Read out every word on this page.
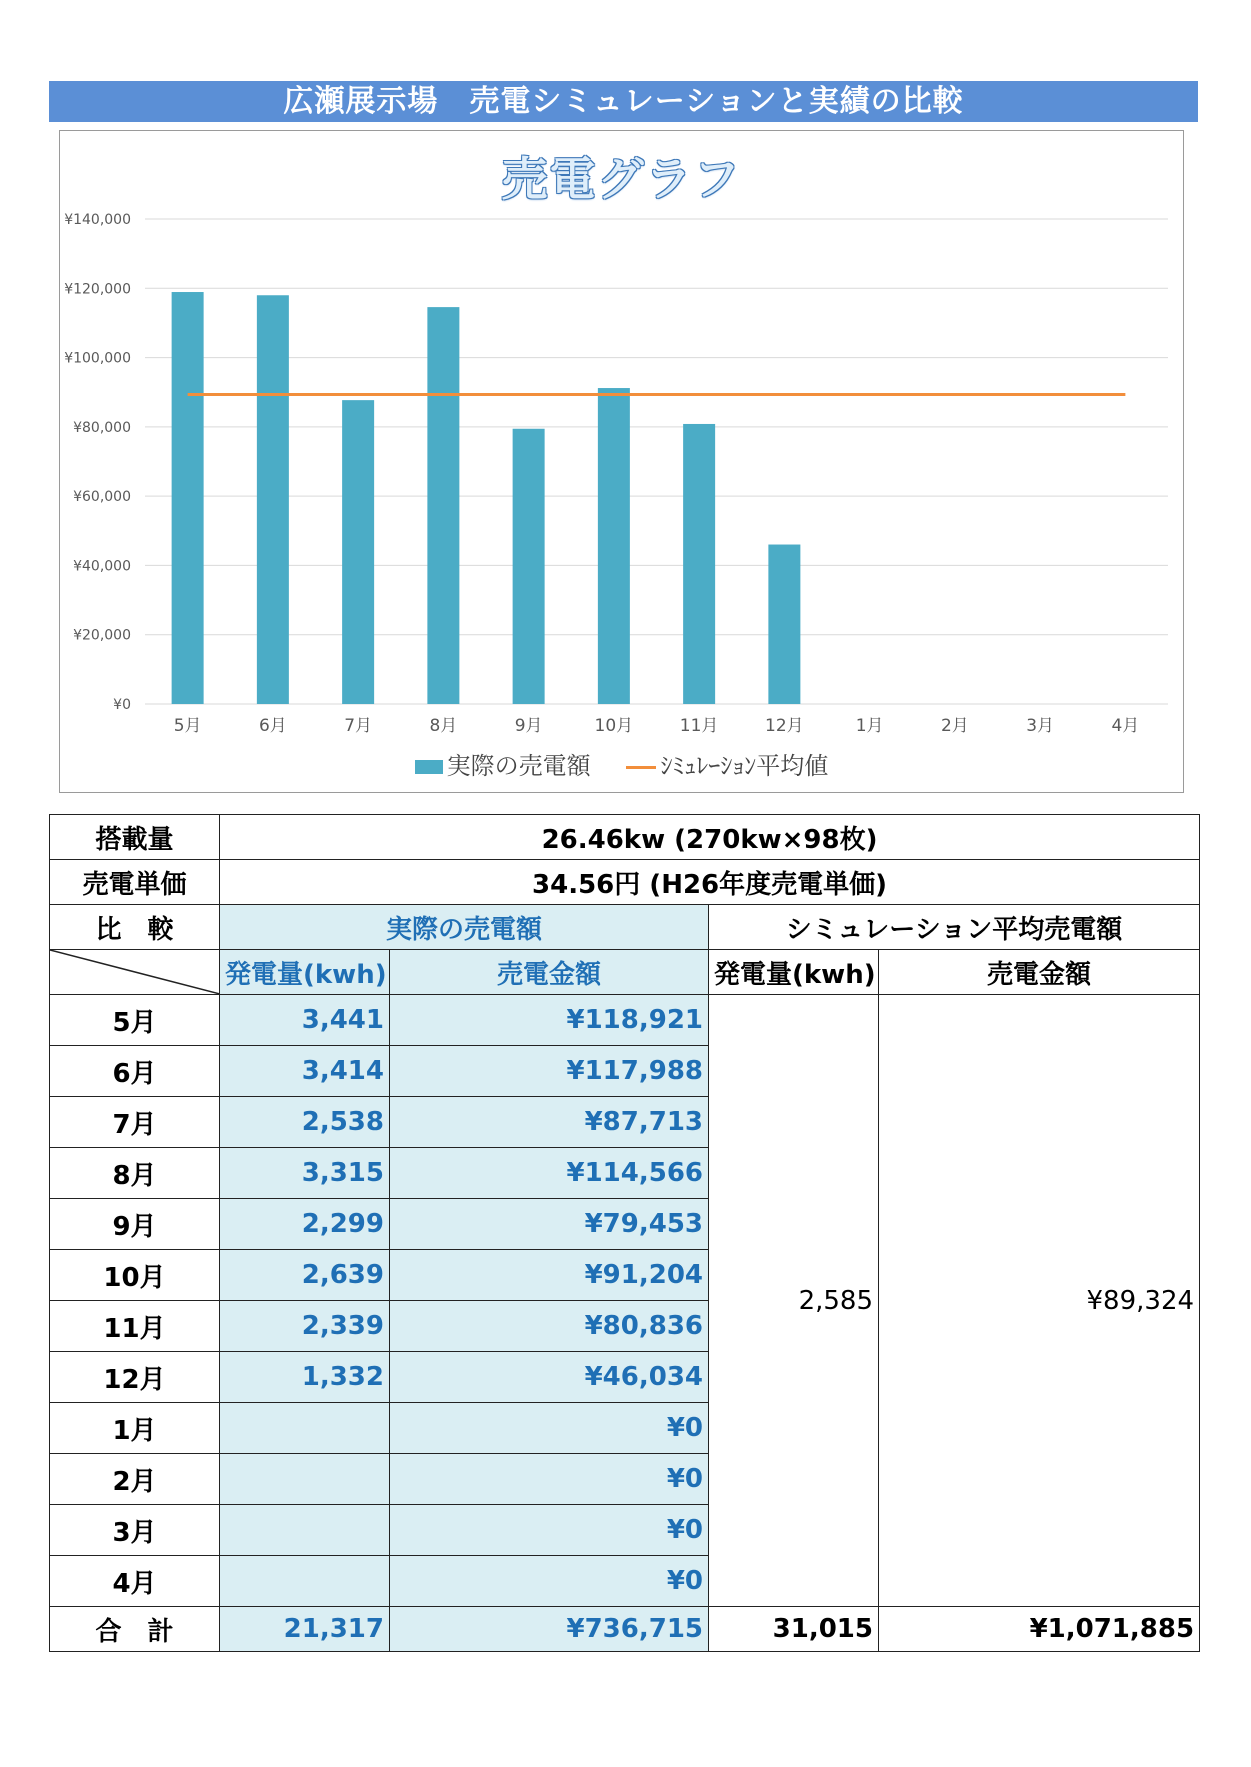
広瀬展示場　売電シミュレーションと実績の比較
売電グラフ
¥140,000
¥120,000
¥100,000
¥80,000
¥60,000
¥40,000
¥20,000
¥0
5月	6月	7月	8月	9月	10月	11月	12月	1月	2月	3月	4月
実際の売電額	ｼﾐｭﾚｰｼｮﾝ平均値
搭載量	26.46kw (270kw×98枚)			
売電単価	34.56円 (H26年度売電単価)			
比　較	実際の売電額		シミュレーション平均売電額	

	発電量(kwh)	売電金額	発電量(kwh)	売電金額
5月	3,441	¥118,921	2,585	¥89,324
6月	3,414	¥117,988		
7月	2,538	¥87,713		
8月	3,315	¥114,566		
9月	2,299	¥79,453		
10月	2,639	¥91,204		
11月	2,339	¥80,836		
12月	1,332	¥46,034		
1月		¥0		
2月		¥0		
3月		¥0		
4月		¥0		
合　計	21,317	¥736,715	31,015	¥1,071,885
